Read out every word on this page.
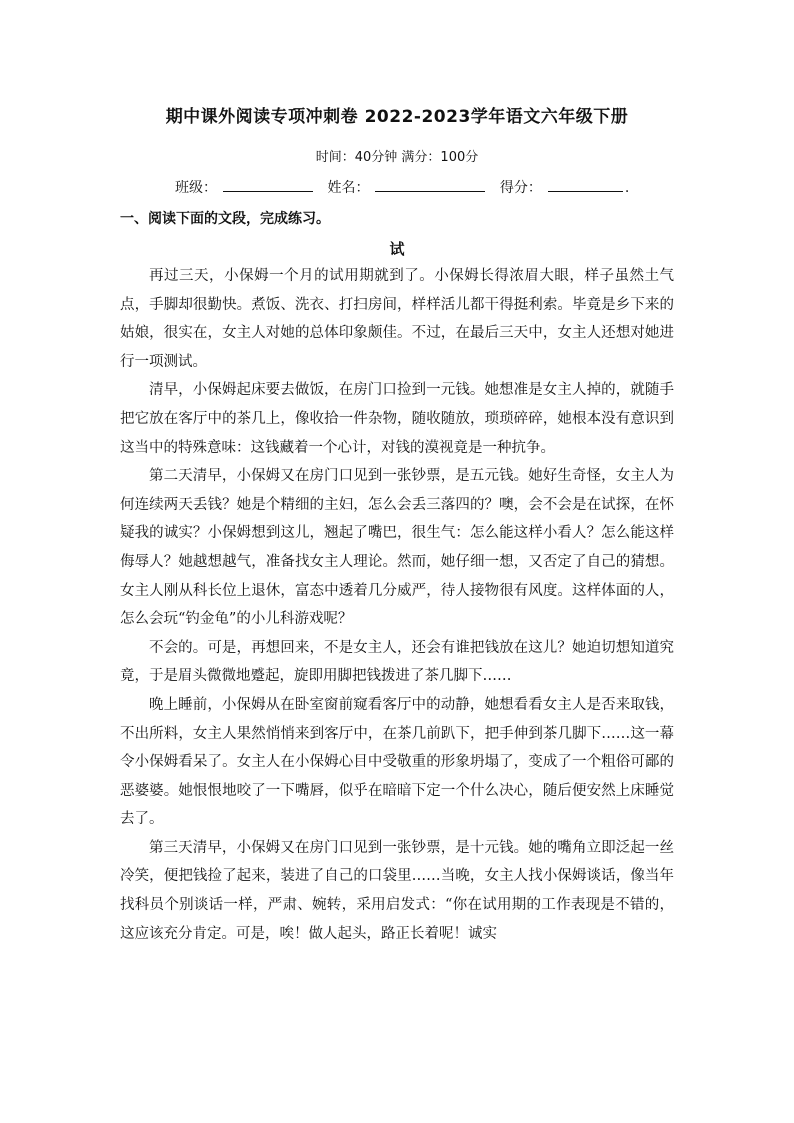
期中课外阅读专项冲刺卷 2022-2023学年语文六年级下册
时间：40分钟 满分：100分
班级：	姓名：	得分：	.
一、阅读下面的文段，完成练习。
试

再过三天，小保姆一个月的试用期就到了。小保姆长得浓眉大眼，样子虽然土气点，手脚却很勤快。煮饭、洗衣、打扫房间，样样活儿都干得挺利索。毕竟是乡下来的姑娘，很实在，女主人对她的总体印象颇佳。不过，在最后三天中，女主人还想对她进行一项测试。

清早，小保姆起床要去做饭，在房门口捡到一元钱。她想准是女主人掉的，就随手把它放在客厅中的茶几上，像收拾一件杂物，随收随放，琐琐碎碎，她根本没有意识到这当中的特殊意味：这钱藏着一个心计，对钱的漠视竟是一种抗争。

第二天清早，小保姆又在房门口见到一张钞票，是五元钱。她好生奇怪，女主人为何连续两天丢钱？她是个精细的主妇，怎么会丢三落四的？噢，会不会是在试探，在怀疑我的诚实？小保姆想到这儿，翘起了嘴巴，很生气：怎么能这样小看人？怎么能这样侮辱人？她越想越气，准备找女主人理论。然而，她仔细一想，又否定了自己的猜想。女主人刚从科长位上退休，富态中透着几分威严，待人接物很有风度。这样体面的人，怎么会玩“钓金龟”的小儿科游戏呢？

不会的。可是，再想回来，不是女主人，还会有谁把钱放在这儿？她迫切想知道究竟，于是眉头微微地蹙起，旋即用脚把钱拨进了茶几脚下……

晚上睡前，小保姆从在卧室窗前窥看客厅中的动静，她想看看女主人是否来取钱，不出所料，女主人果然悄悄来到客厅中，在茶几前趴下，把手伸到茶几脚下……这一幕令小保姆看呆了。女主人在小保姆心目中受敬重的形象坍塌了，变成了一个粗俗可鄙的恶婆婆。她恨恨地咬了一下嘴唇，似乎在暗暗下定一个什么决心，随后便安然上床睡觉去了。

第三天清早，小保姆又在房门口见到一张钞票，是十元钱。她的嘴角立即泛起一丝冷笑，便把钱捡了起来，装进了自己的口袋里……当晚，女主人找小保姆谈话，像当年找科员个别谈话一样，严肃、婉转，采用启发式：“你在试用期的工作表现是不错的，这应该充分肯定。可是，唉！做人起头，路正长着呢！诚实
